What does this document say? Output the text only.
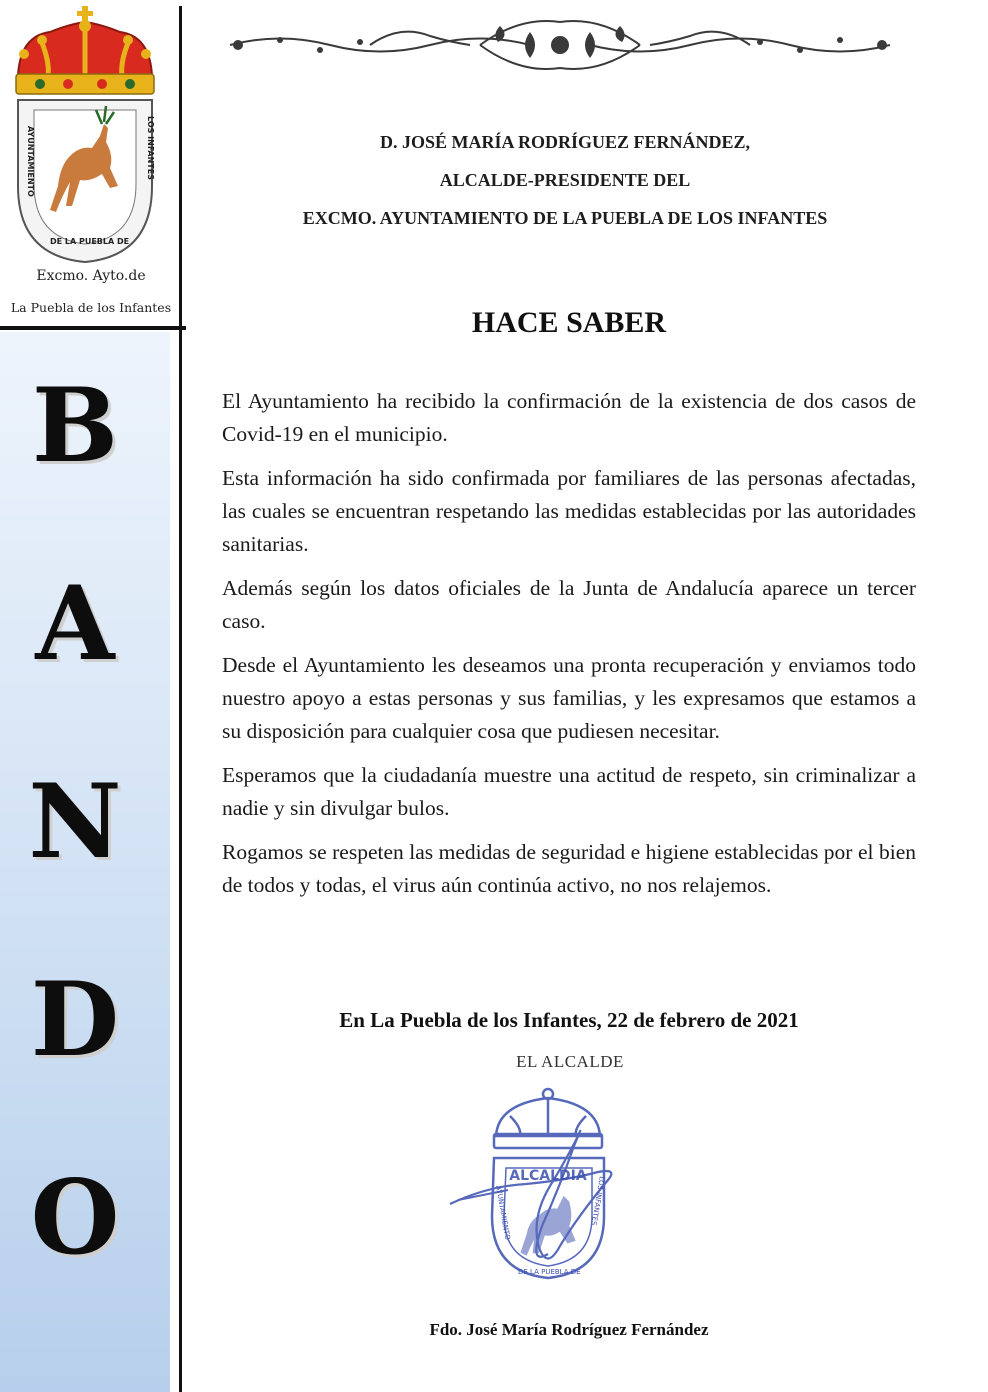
AYUNTAMIENTO	LOS INFANTES
DE LA PUEBLA DE
Excmo. Ayto.de
La Puebla de los Infantes
B
A
N
D
O
D. JOSÉ MARÍA RODRÍGUEZ FERNÁNDEZ,
ALCALDE-PRESIDENTE DEL
EXCMO. AYUNTAMIENTO DE LA PUEBLA DE LOS INFANTES
HACE SABER

El Ayuntamiento ha recibido la confirmación de la existencia de dos casos de Covid-19 en el municipio.

Esta información ha sido confirmada por familiares de las personas afectadas, las cuales se encuentran respetando las medidas establecidas por las autoridades sanitarias.

Además según los datos oficiales de la Junta de Andalucía aparece un tercer caso.

Desde el Ayuntamiento les deseamos una pronta recuperación y enviamos todo nuestro apoyo a estas personas y sus familias, y les expresamos que estamos a su disposición para cualquier cosa que pudiesen necesitar.

Esperamos que la ciudadanía muestre una actitud de respeto, sin criminalizar a nadie y sin divulgar bulos.

Rogamos se respeten las medidas de seguridad e higiene establecidas por el bien de todos y todas, el virus aún continúa activo, no nos relajemos.

En La Puebla de los Infantes, 22 de febrero de 2021
EL ALCALDE
ALCALDIA
AYUNTAMIENTO	LOS INFANTES
DE LA PUEBLA DE
Fdo. José María Rodríguez Fernández
